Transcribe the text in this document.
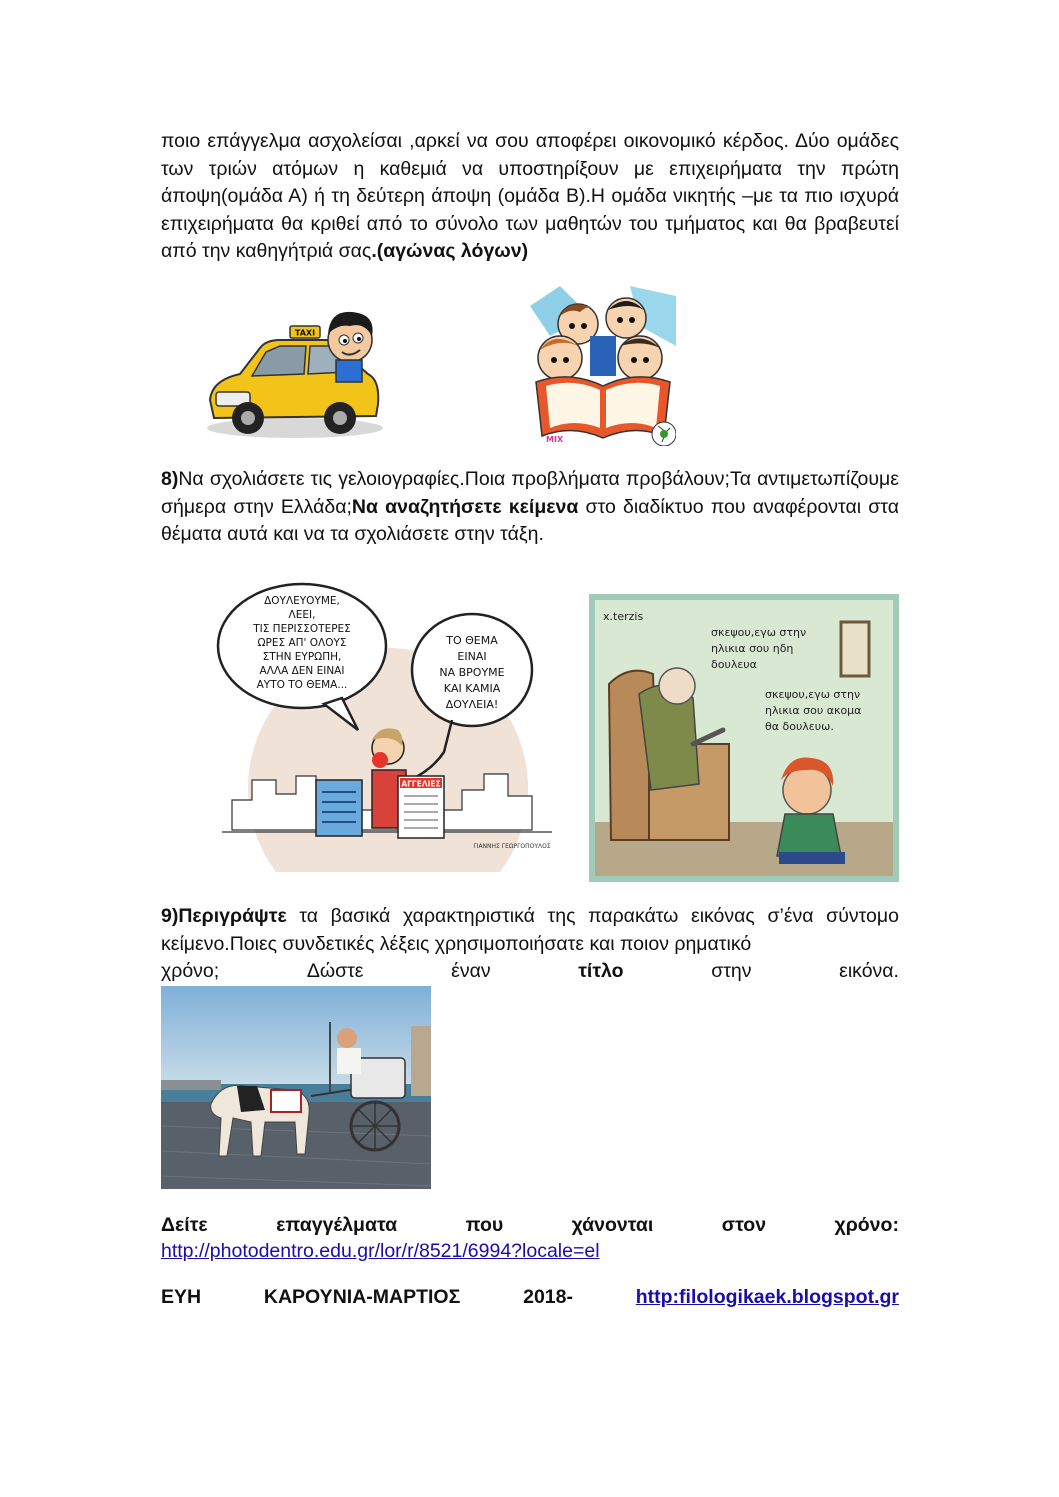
ποιο επάγγελμα ασχολείσαι ,αρκεί να σου αποφέρει οικονομικό κέρδος. Δύο ομάδες των τριών ατόμων η καθεμιά να υποστηρίξουν με επιχειρήματα την πρώτη άποψη(ομάδα Α) ή τη δεύτερη άποψη (ομάδα Β).Η ομάδα νικητής –με τα πιο ισχυρά επιχειρήματα θα κριθεί από το σύνολο των μαθητών του τμήματος και θα βραβευτεί από την καθηγήτριά σας.(αγώνας λόγων)
TAXI
MIX
8)Να σχολιάσετε τις γελοιογραφίες.Ποια προβλήματα προβάλουν;Τα αντιμετωπίζουμε σήμερα στην Ελλάδα;Να αναζητήσετε κείμενα στο διαδίκτυο που αναφέρονται στα θέματα αυτά και να τα σχολιάσετε στην τάξη.
ΔΟΥΛΕΥΟΥΜΕ,
ΛΕΕΙ,
ΤΙΣ ΠΕΡΙΣΣΟΤΕΡΕΣ
ΩΡΕΣ ΑΠ' ΟΛΟΥΣ
ΣΤΗΝ ΕΥΡΩΠΗ,
ΑΛΛΑ ΔΕΝ ΕΙΝΑΙ
ΑΥΤΟ ΤΟ ΘΕΜΑ...
ΤΟ ΘΕΜΑ
ΕΙΝΑΙ
ΝΑ ΒΡΟΥΜΕ
ΚΑΙ ΚΑΜΙΑ
ΔΟΥΛΕΙΑ!
ΑΓΓΕΛΙΕΣ
ΓΙΑΝΝΗΣ ΓΕΩΡΓΟΠΟΥΛΟΣ
x.terzis
σκεψου,εγω στην
ηλικια σου ηδη
δουλευα
σκεψου,εγω στην
ηλικια σου ακομα
θα δουλευω.
9)Περιγράψτε τα βασικά χαρακτηριστικά της παρακάτω εικόνας σ’ένα σύντομο κείμενο.Ποιες συνδετικές λέξεις χρησιμοποιήσατε και ποιον ρηματικό
χρόνο;	Δώστε	έναν	τίτλο	στην	εικόνα.
Δείτε	επαγγέλματα	που	χάνονται	στον	χρόνο:
http://photodentro.edu.gr/lor/r/8521/6994?locale=el
ΕΥΗ	ΚΑΡΟΥΝΙΑ-ΜΑΡΤΙΟΣ	2018-	http:filologikaek.blogspot.gr
